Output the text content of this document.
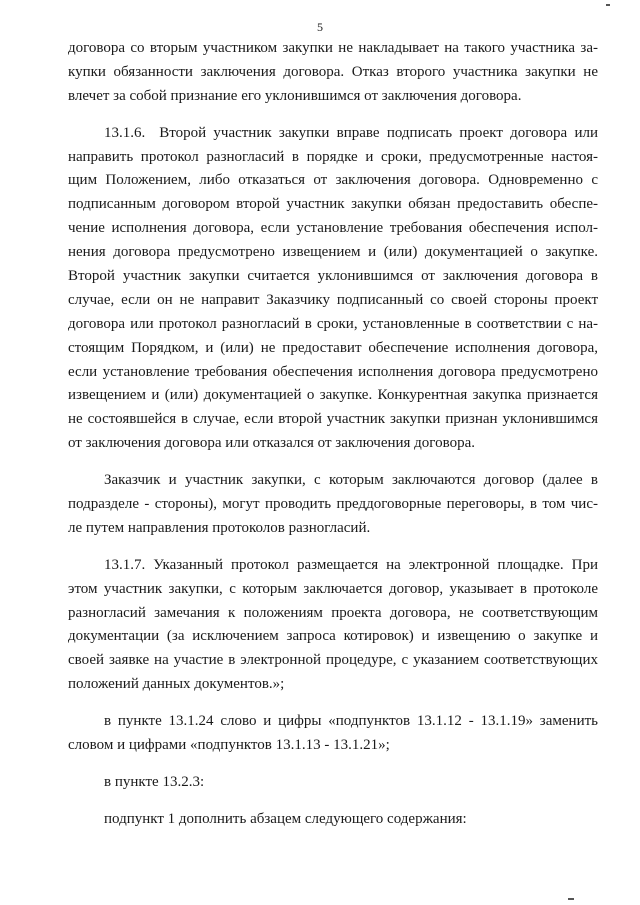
5
договора со вторым участником закупки не накладывает на такого участника за-
купки обязанности заключения договора. Отказ второго участника закупки не
влечет за собой признание его уклонившимся от заключения договора.
13.1.6. Второй участник закупки вправе подписать проект договора или
направить протокол разногласий в порядке и сроки, предусмотренные настоя-
щим Положением, либо отказаться от заключения договора. Одновременно с
подписанным договором второй участник закупки обязан предоставить обеспе-
чение исполнения договора, если установление требования обеспечения испол-
нения договора предусмотрено извещением и (или) документацией о закупке.
Второй участник закупки считается уклонившимся от заключения договора в
случае, если он не направит Заказчику подписанный со своей стороны проект
договора или протокол разногласий в сроки, установленные в соответствии с на-
стоящим Порядком, и (или) не предоставит обеспечение исполнения договора,
если установление требования обеспечения исполнения договора предусмотрено
извещением и (или) документацией о закупке. Конкурентная закупка признается
не состоявшейся в случае, если второй участник закупки признан уклонившимся
от заключения договора или отказался от заключения договора.
Заказчик и участник закупки, с которым заключаются договор (далее в
подразделе - стороны), могут проводить преддоговорные переговоры, в том чис-
ле путем направления протоколов разногласий.
13.1.7. Указанный протокол размещается на электронной площадке. При
этом участник закупки, с которым заключается договор, указывает в протоколе
разногласий замечания к положениям проекта договора, не соответствующим
документации (за исключением запроса котировок) и извещению о закупке и
своей заявке на участие в электронной процедуре, с указанием соответствующих
положений данных документов.»;
в пункте 13.1.24 слово и цифры «подпунктов 13.1.12 - 13.1.19» заменить
словом и цифрами «подпунктов 13.1.13 - 13.1.21»;
в пункте 13.2.3:
подпункт 1 дополнить абзацем следующего содержания:
